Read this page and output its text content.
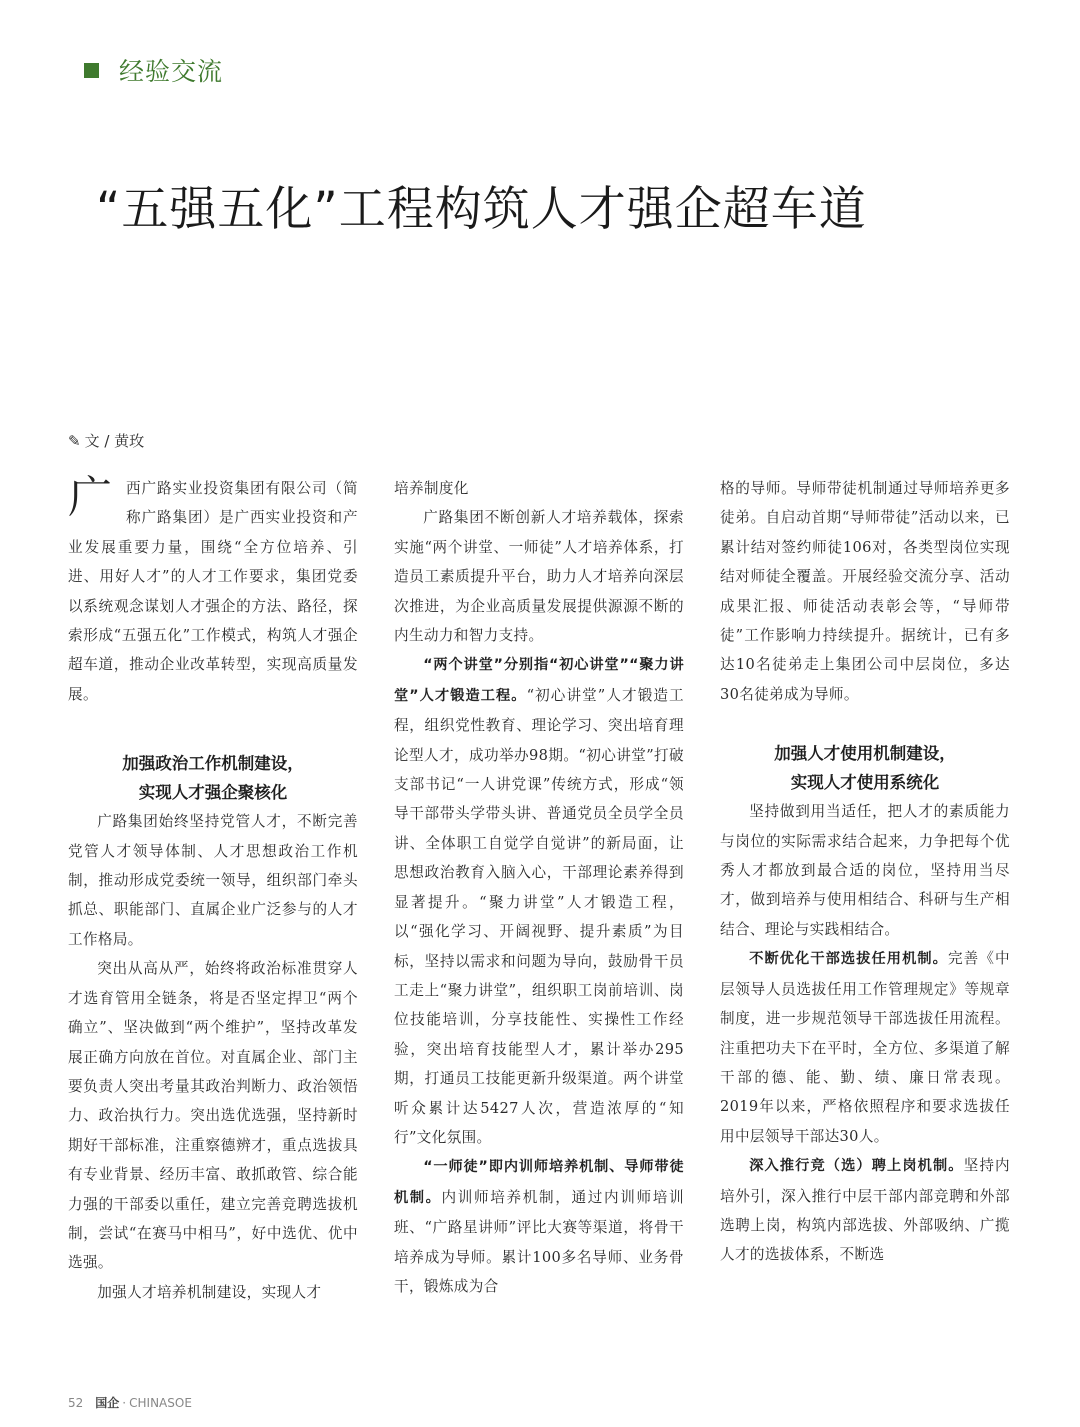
经验交流
“五强五化”工程构筑人才强企超车道
✎ 文 / 黄玫
广 西广路实业投资集团有限公司（简称广路集团）是广西实业投资和产业发展重要力量，围绕“全方位培养、引进、用好人才”的人才工作要求，集团党委以系统观念谋划人才强企的方法、路径，探索形成“五强五化”工作模式，构筑人才强企超车道，推动企业改革转型，实现高质量发展。

加强政治工作机制建设，

实现人才强企聚核化

广路集团始终坚持党管人才，不断完善党管人才领导体制、人才思想政治工作机制，推动形成党委统一领导，组织部门牵头抓总、职能部门、直属企业广泛参与的人才工作格局。

突出从高从严，始终将政治标准贯穿人才选育管用全链条，将是否坚定捍卫“两个确立”、坚决做到“两个维护”，坚持改革发展正确方向放在首位。对直属企业、部门主要负责人突出考量其政治判断力、政治领悟力、政治执行力。突出选优选强，坚持新时期好干部标准，注重察德辨才，重点选拔具有专业背景、经历丰富、敢抓敢管、综合能力强的干部委以重任，建立完善竞聘选拔机制，尝试“在赛马中相马”，好中选优、优中选强。

加强人才培养机制建设，实现人才

培养制度化

广路集团不断创新人才培养载体，探索实施“两个讲堂、一师徒”人才培养体系，打造员工素质提升平台，助力人才培养向深层次推进，为企业高质量发展提供源源不断的内生动力和智力支持。

“两个讲堂”分别指“初心讲堂”“聚力讲堂”人才锻造工程。“初心讲堂”人才锻造工程，组织党性教育、理论学习、突出培育理论型人才，成功举办98期。“初心讲堂”打破支部书记“一人讲党课”传统方式，形成“领导干部带头学带头讲、普通党员全员学全员讲、全体职工自觉学自觉讲”的新局面，让思想政治教育入脑入心，干部理论素养得到显著提升。“聚力讲堂”人才锻造工程，以“强化学习、开阔视野、提升素质”为目标，坚持以需求和问题为导向，鼓励骨干员工走上“聚力讲堂”，组织职工岗前培训、岗位技能培训，分享技能性、实操性工作经验，突出培育技能型人才，累计举办295期，打通员工技能更新升级渠道。两个讲堂听众累计达5427人次，营造浓厚的“知行”文化氛围。

“一师徒”即内训师培养机制、导师带徒机制。内训师培养机制，通过内训师培训班、“广路星讲师”评比大赛等渠道，将骨干培养成为导师。累计100多名导师、业务骨干，锻炼成为合

格的导师。导师带徒机制通过导师培养更多徒弟。自启动首期“导师带徒”活动以来，已累计结对签约师徒106对，各类型岗位实现结对师徒全覆盖。开展经验交流分享、活动成果汇报、师徒活动表彰会等，“导师带徒”工作影响力持续提升。据统计，已有多达10名徒弟走上集团公司中层岗位，多达30名徒弟成为导师。

加强人才使用机制建设，

实现人才使用系统化

坚持做到用当适任，把人才的素质能力与岗位的实际需求结合起来，力争把每个优秀人才都放到最合适的岗位，坚持用当尽才，做到培养与使用相结合、科研与生产相结合、理论与实践相结合。

不断优化干部选拔任用机制。完善《中层领导人员选拔任用工作管理规定》等规章制度，进一步规范领导干部选拔任用流程。注重把功夫下在平时，全方位、多渠道了解干部的德、能、勤、绩、廉日常表现。2019年以来，严格依照程序和要求选拔任用中层领导干部达30人。

深入推行竞（选）聘上岗机制。坚持内培外引，深入推行中层干部内部竞聘和外部选聘上岗，构筑内部选拔、外部吸纳、广揽人才的选拔体系，不断选

52 国企 · CHINASOE
